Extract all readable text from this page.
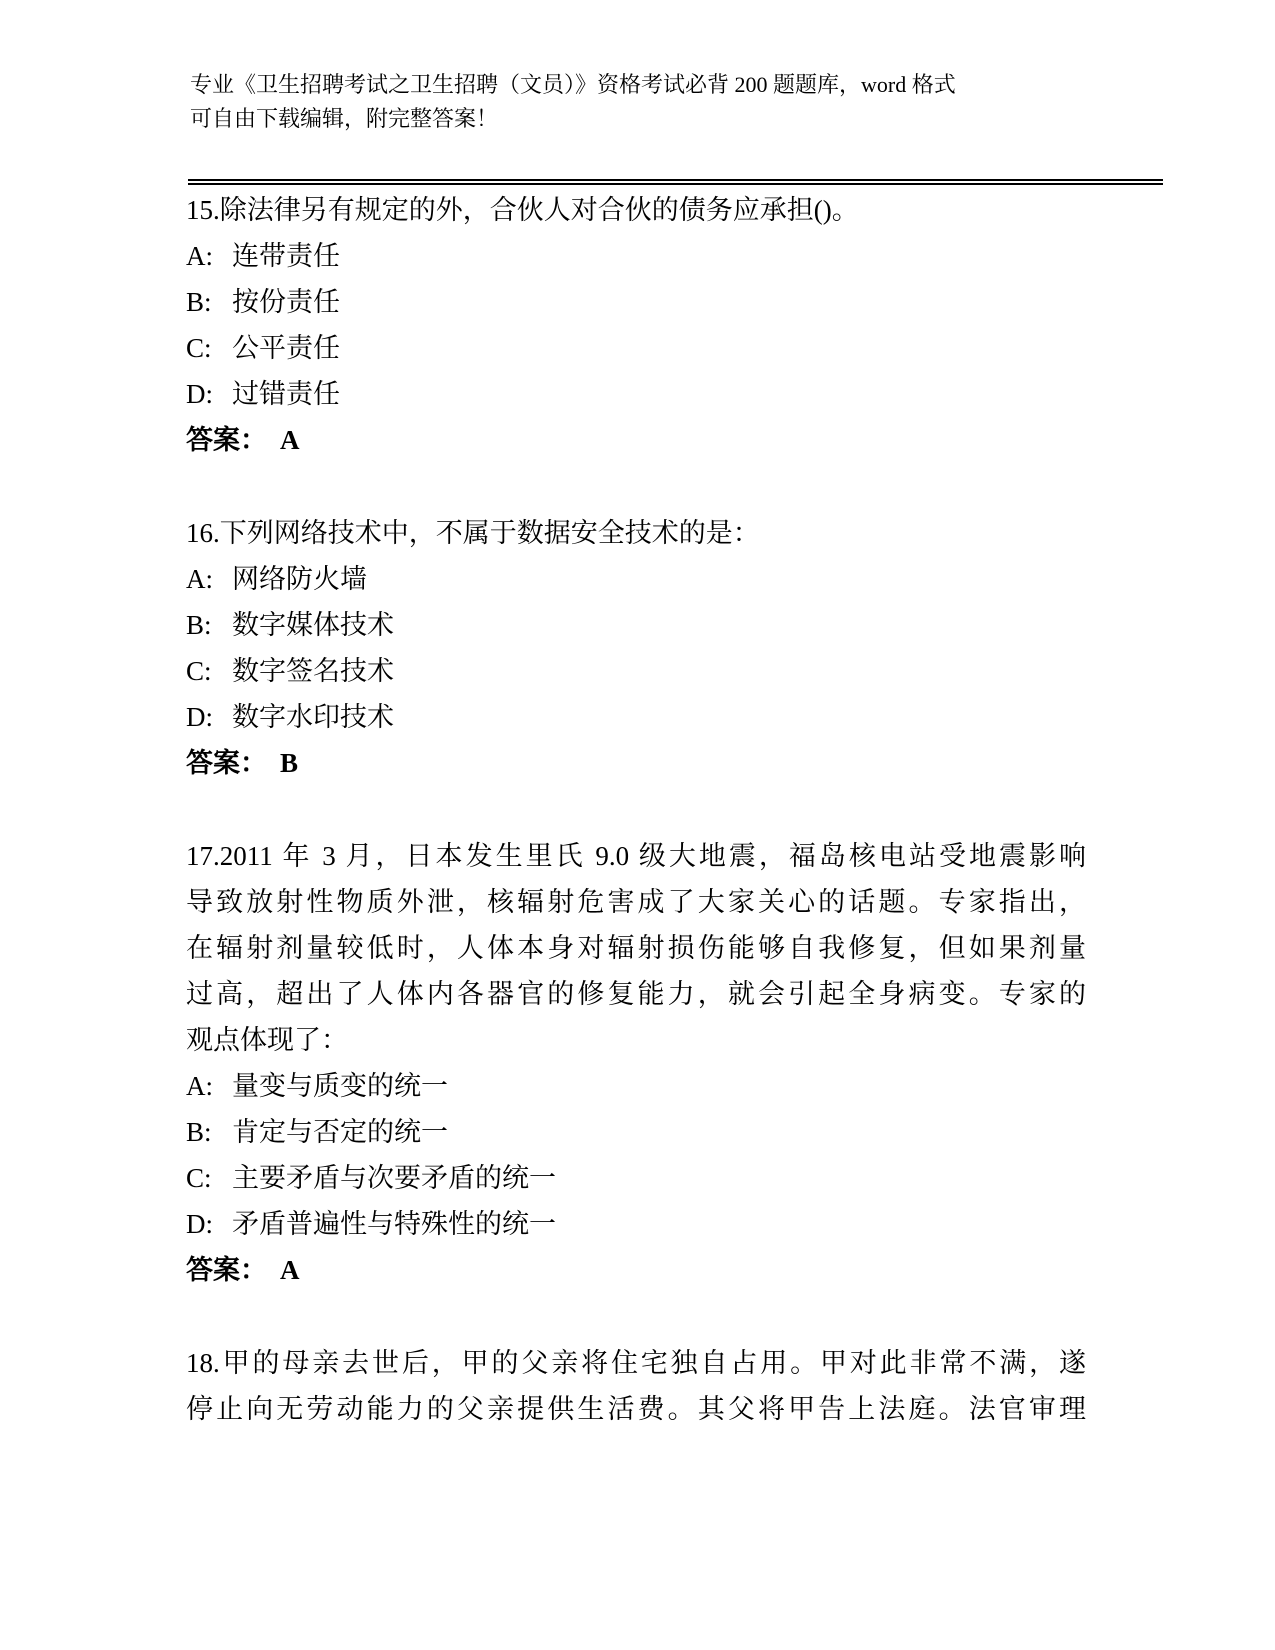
专业《卫生招聘考试之卫生招聘（文员）》资格考试必背 200 题题库，word 格式
可自由下载编辑，附完整答案！
15.除法律另有规定的外，合伙人对合伙的债务应承担()。
A: 连带责任
B: 按份责任
C: 公平责任
D: 过错责任
答案： A
16.下列网络技术中，不属于数据安全技术的是：
A: 网络防火墙
B: 数字媒体技术
C: 数字签名技术
D: 数字水印技术
答案： B
17.2011 年 3 月，日本发生里氏 9.0 级大地震，福岛核电站受地震影响
导致放射性物质外泄，核辐射危害成了大家关心的话题。专家指出，
在辐射剂量较低时，人体本身对辐射损伤能够自我修复，但如果剂量
过高，超出了人体内各器官的修复能力，就会引起全身病变。专家的
观点体现了：
A: 量变与质变的统一
B: 肯定与否定的统一
C: 主要矛盾与次要矛盾的统一
D: 矛盾普遍性与特殊性的统一
答案： A
18.甲的母亲去世后，甲的父亲将住宅独自占用。甲对此非常不满，遂
停止向无劳动能力的父亲提供生活费。其父将甲告上法庭。法官审理
